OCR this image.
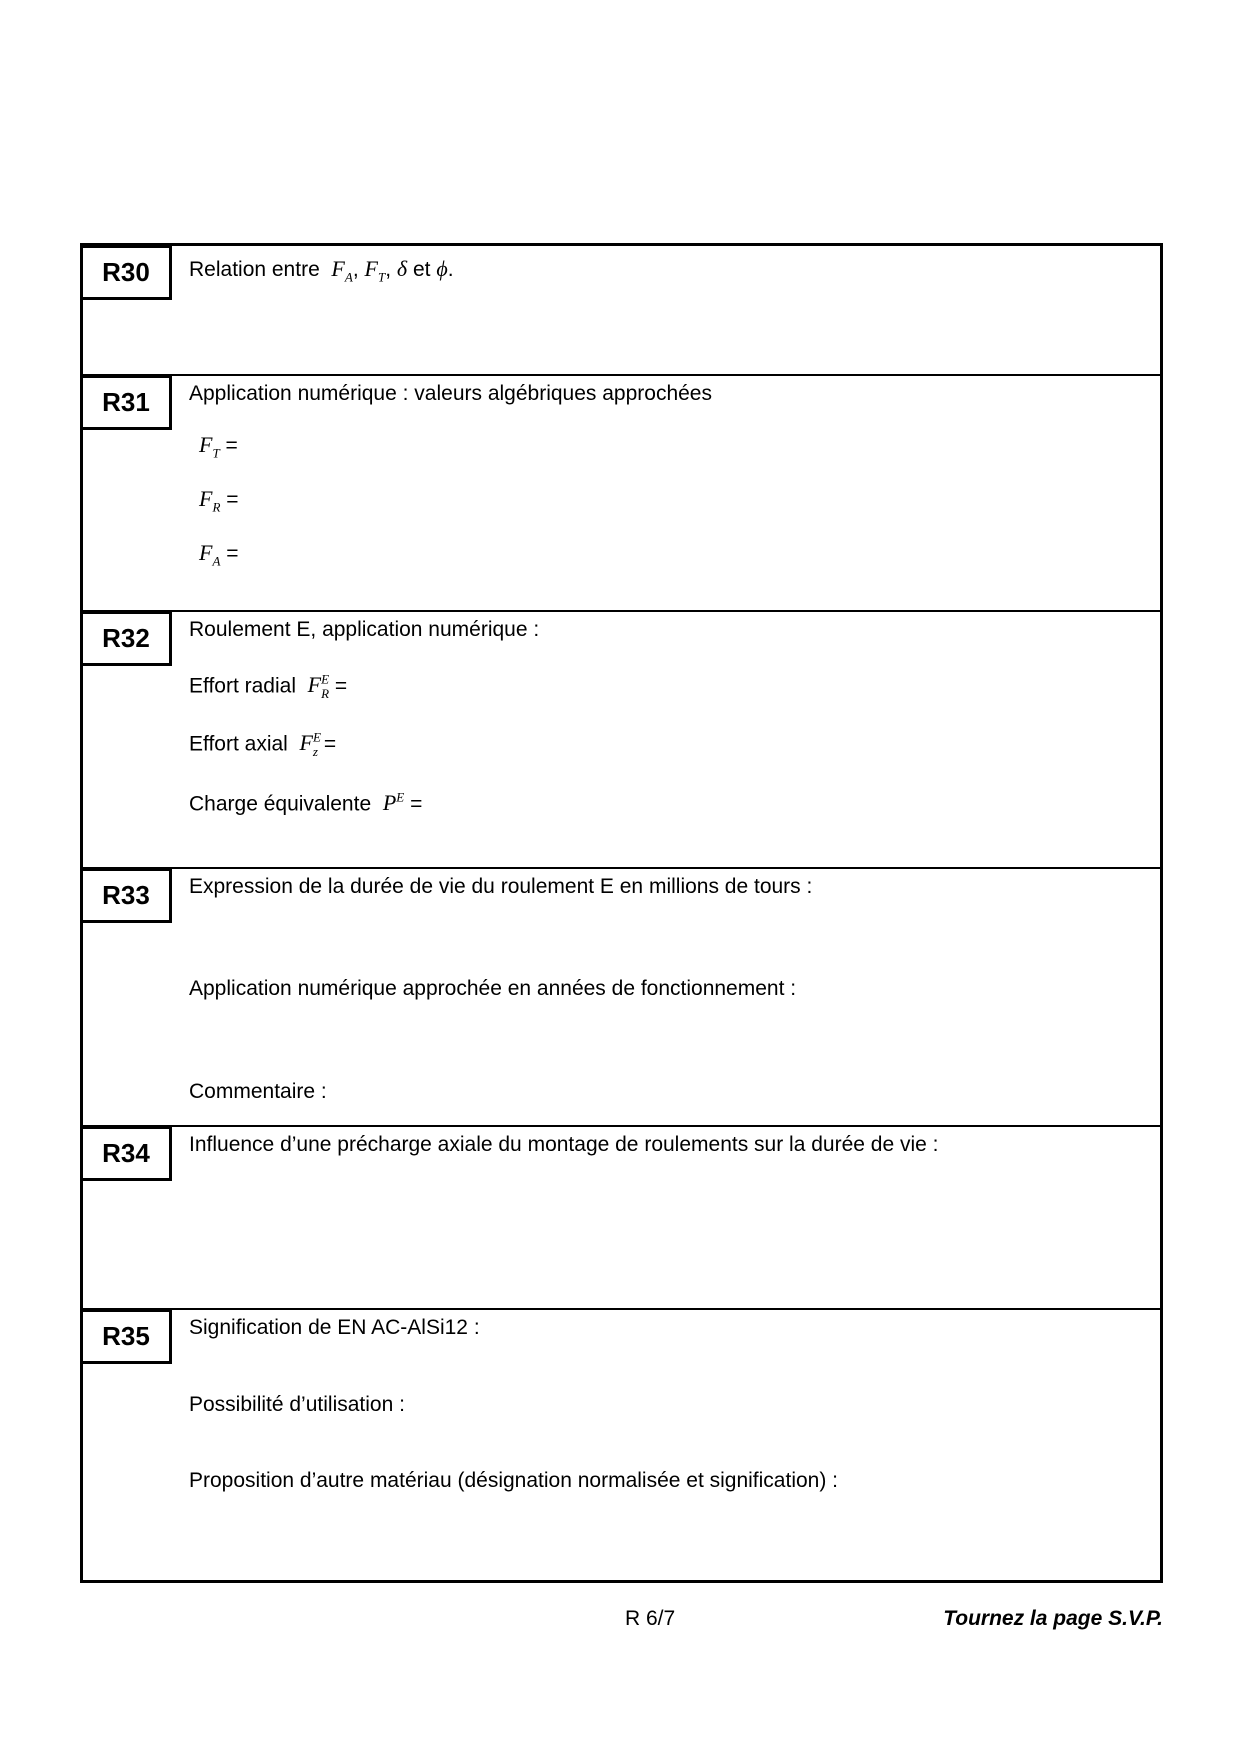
R30	Relation entre $F_A$, $F_T$, δ et ϕ.
R31	Application numérique : valeurs algébriques approchées
$F_T$ =
$F_R$ =
$F_A$ =
R32	Roulement E, application numérique :
Effort radial $F^E_R$ =
Effort axial $F^E_z$ =
Charge équivalente $P^E$ =
R33	Expression de la durée de vie du roulement E en millions de tours :
Application numérique approchée en années de fonctionnement :
Commentaire :
R34	Influence d’une précharge axiale du montage de roulements sur la durée de vie :
R35	Signification de EN AC-AlSi12 :
Possibilité d’utilisation :
Proposition d’autre matériau (désignation normalisée et signification) :
R 6/7	Tournez la page S.V.P.
